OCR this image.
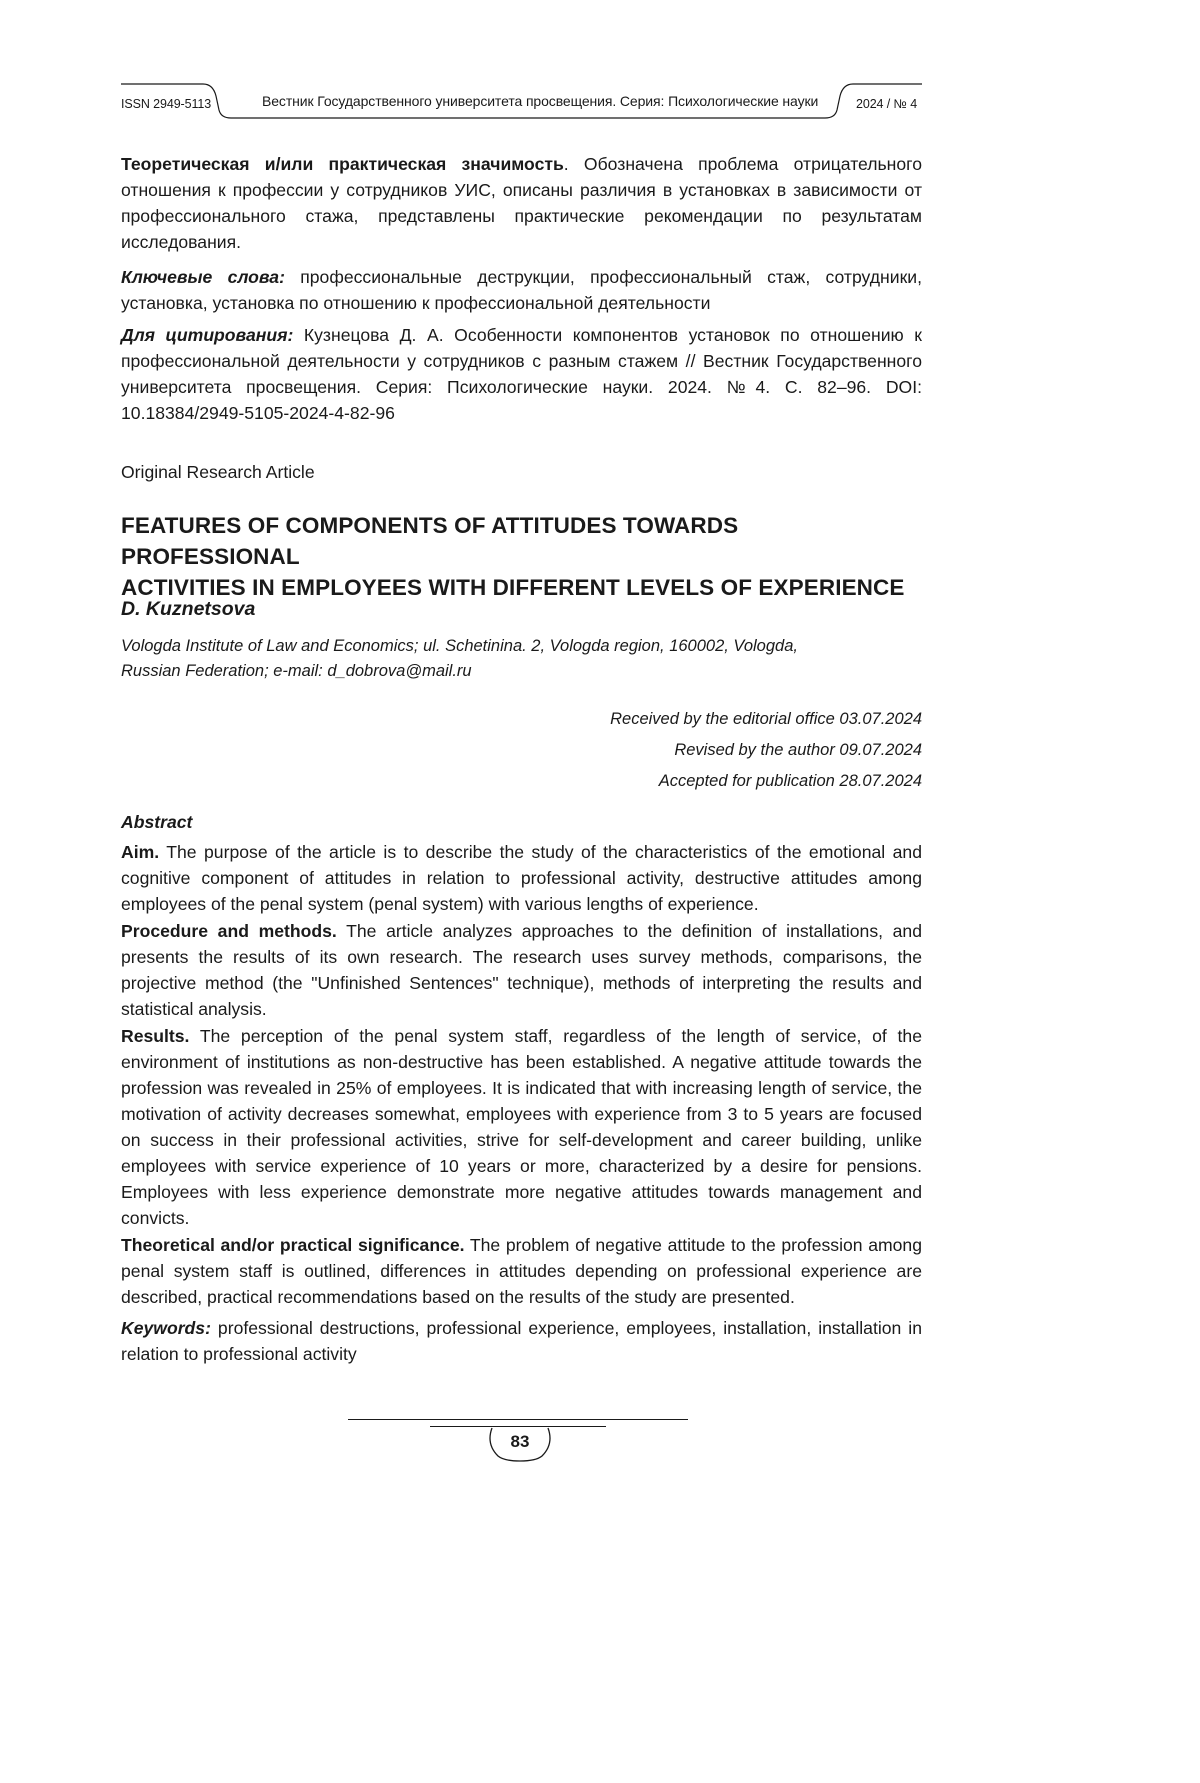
ISSN 2949-5113	Вестник Государственного университета просвещения. Серия: Психологические науки	2024 / № 4

Теоретическая и/или практическая значимость. Обозначена проблема отрицательного отношения к профессии у сотрудников УИС, описаны различия в установках в зависимости от профессионального стажа, представлены практические рекомендации по результатам исследования.

Ключевые слова: профессиональные деструкции, профессиональный стаж, сотрудники, установка, установка по отношению к профессиональной деятельности

Для цитирования: Кузнецова Д. А. Особенности компонентов установок по отношению к профессиональной деятельности у сотрудников с разным стажем // Вестник Государственного университета просвещения. Серия: Психологические науки. 2024. №4. С. 82–96. DOI: 10.18384/2949-5105-2024-4-82-96

Original Research Article
FEATURES OF COMPONENTS OF ATTITUDES TOWARDS PROFESSIONAL
ACTIVITIES IN EMPLOYEES WITH DIFFERENT LEVELS OF EXPERIENCE
D. Kuznetsova
Vologda Institute of Law and Economics; ul. Schetinina. 2, Vologda region, 160002, Vologda,
Russian Federation; e-mail: d_dobrova@mail.ru
Received by the editorial office 03.07.2024
Revised by the author 09.07.2024
Accepted for publication 28.07.2024
Abstract

Aim. The purpose of the article is to describe the study of the characteristics of the emotional and cognitive component of attitudes in relation to professional activity, destructive attitudes among employees of the penal system (penal system) with various lengths of experience.

Procedure and methods. The article analyzes approaches to the definition of installations, and presents the results of its own research. The research uses survey methods, comparisons, the projective method (the "Unfinished Sentences" technique), methods of interpreting the results and statistical analysis.

Results. The perception of the penal system staff, regardless of the length of service, of the environment of institutions as non-destructive has been established. A negative attitude towards the profession was revealed in 25% of employees. It is indicated that with increasing length of service, the motivation of activity decreases somewhat, employees with experience from 3 to 5 years are focused on success in their professional activities, strive for self-development and career building, unlike employees with service experience of 10 years or more, characterized by a desire for pensions. Employees with less experience demonstrate more negative attitudes towards management and convicts.

Theoretical and/or practical significance. The problem of negative attitude to the profession among penal system staff is outlined, differences in attitudes depending on professional experience are described, practical recommendations based on the results of the study are presented.

Keywords: professional destructions, professional experience, employees, installation, installation in relation to professional activity

83
